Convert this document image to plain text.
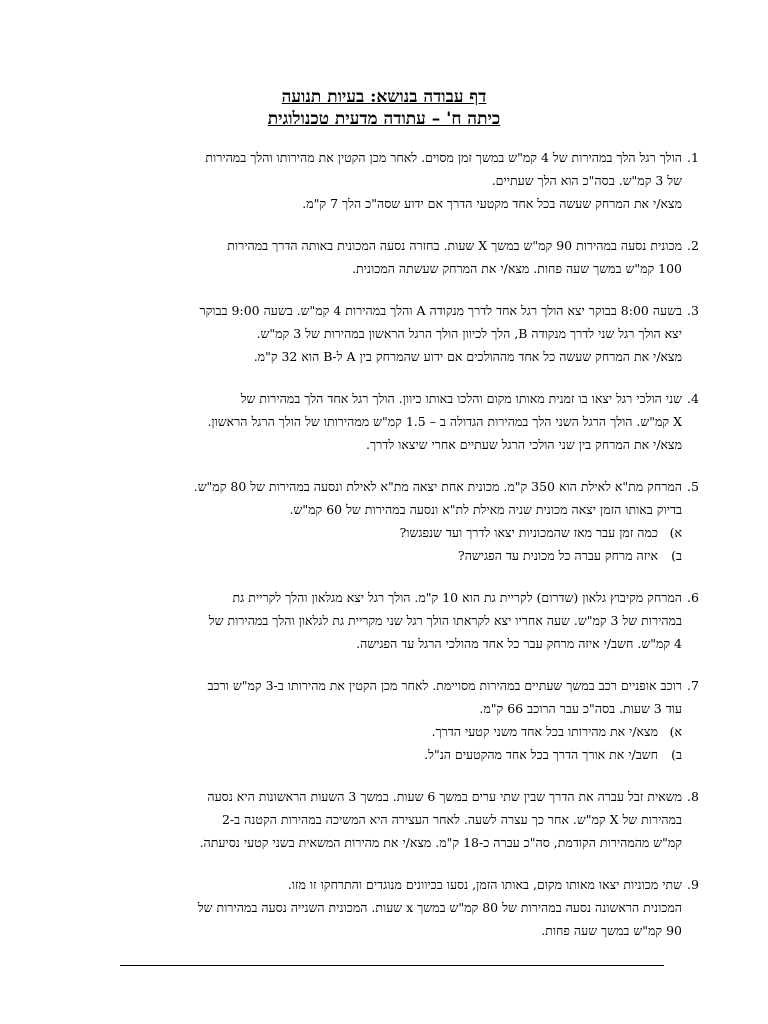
דף עבודה בנושא: בעיות תנועה
כיתה ח' – עתודה מדעית טכנולוגית
.1
הולך רגל הלך במהירות של 4 קמ"ש במשך זמן מסוים. לאחר מכן הקטין את מהירותו והלך במהירות
של 3 קמ"ש. בסה"כ הוא הלך שעתיים.
מצא/י את המרחק שעשה בכל אחד מקטעי הדרך אם ידוע שסה"כ הלך 7 ק"מ.
.2
מכונית נסעה במהירות 90 קמ"ש במשך X שעות. בחזרה נסעה המכונית באותה הדרך במהירות
100 קמ"ש במשך שעה פחות. מצא/י את המרחק שעשתה המכונית.
.3
בשעה 8:00 בבוקר יצא הולך רגל אחד לדרך מנקודה A והלך במהירות 4 קמ"ש. בשעה 9:00 בבוקר
יצא הולך רגל שני לדרך מנקודה B, הלך לכיוון הולך הרגל הראשון במהירות של 3 קמ"ש.
מצא/י את המרחק שעשה כל אחד מההולכים אם ידוע שהמרחק בין A ל-B הוא 32 ק"מ.
.4
שני הולכי רגל יצאו בו זמנית מאותו מקום והלכו באותו כיוון. הולך רגל אחד הלך במהירות של
X קמ"ש. הולך הרגל השני הלך במהירות הגדולה ב – 1.5 קמ"ש ממהירותו של הולך הרגל הראשון.
מצא/י את המרחק בין שני הולכי הרגל שעתיים אחרי שיצאו לדרך.
.5
המרחק מת"א לאילת הוא 350 ק"מ. מכונית אחת יצאה מת"א לאילת ונסעה במהירות של 80 קמ"ש.
בדיוק באותו הזמן יצאה מכונית שניה מאילת לת"א ונסעה במהירות של 60 קמ"ש.
א)
כמה זמן עבר מאז שהמכוניות יצאו לדרך ועד שנפגשו?
ב)
איזה מרחק עברה כל מכונית עד הפגישה?
.6
המרחק מקיבוץ גלאון (שדרום) לקריית גת הוא 10 ק"מ. הולך רגל יצא מגלאון והלך לקריית גת
במהירות של 3 קמ"ש. שעה אחריו יצא לקראתו הולך רגל שני מקריית גת לגלאון והלך במהירות של
4 קמ"ש. חשב/י איזה מרחק עבר כל אחד מהולכי הרגל עד הפגישה.
.7
רוכב אופניים רכב במשך שעתיים במהירות מסויימת. לאחר מכן הקטין את מהירותו ב-3 קמ"ש ורכב
עוד 3 שעות. בסה"כ עבר הרוכב 66 ק"מ.
א)
מצא/י את מהירותו בכל אחד משני קטעי הדרך.
ב)
חשב/י את אורך הדרך בכל אחד מהקטעים הנ"ל.
.8
משאית זבל עברה את הדרך שבין שתי ערים במשך 6 שעות. במשך 3 השעות הראשונות היא נסעה
במהירות של X קמ"ש. אחר כך עצרה לשעה. לאחר העצירה היא המשיכה במהירות הקטנה ב-2
קמ"ש מהמהירות הקודמת, סה"כ עברה כ-18 ק"מ. מצא/י את מהירות המשאית בשני קטעי נסיעתה.
.9
שתי מכוניות יצאו מאותו מקום, באותו הזמן, נסעו בכיוונים מנוגדים והתרחקו זו מזו.
המכונית הראשונה נסעה במהירות של 80 קמ"ש במשך x שעות. המכונית השנייה נסעה במהירות של
90 קמ"ש במשך שעה פחות.
